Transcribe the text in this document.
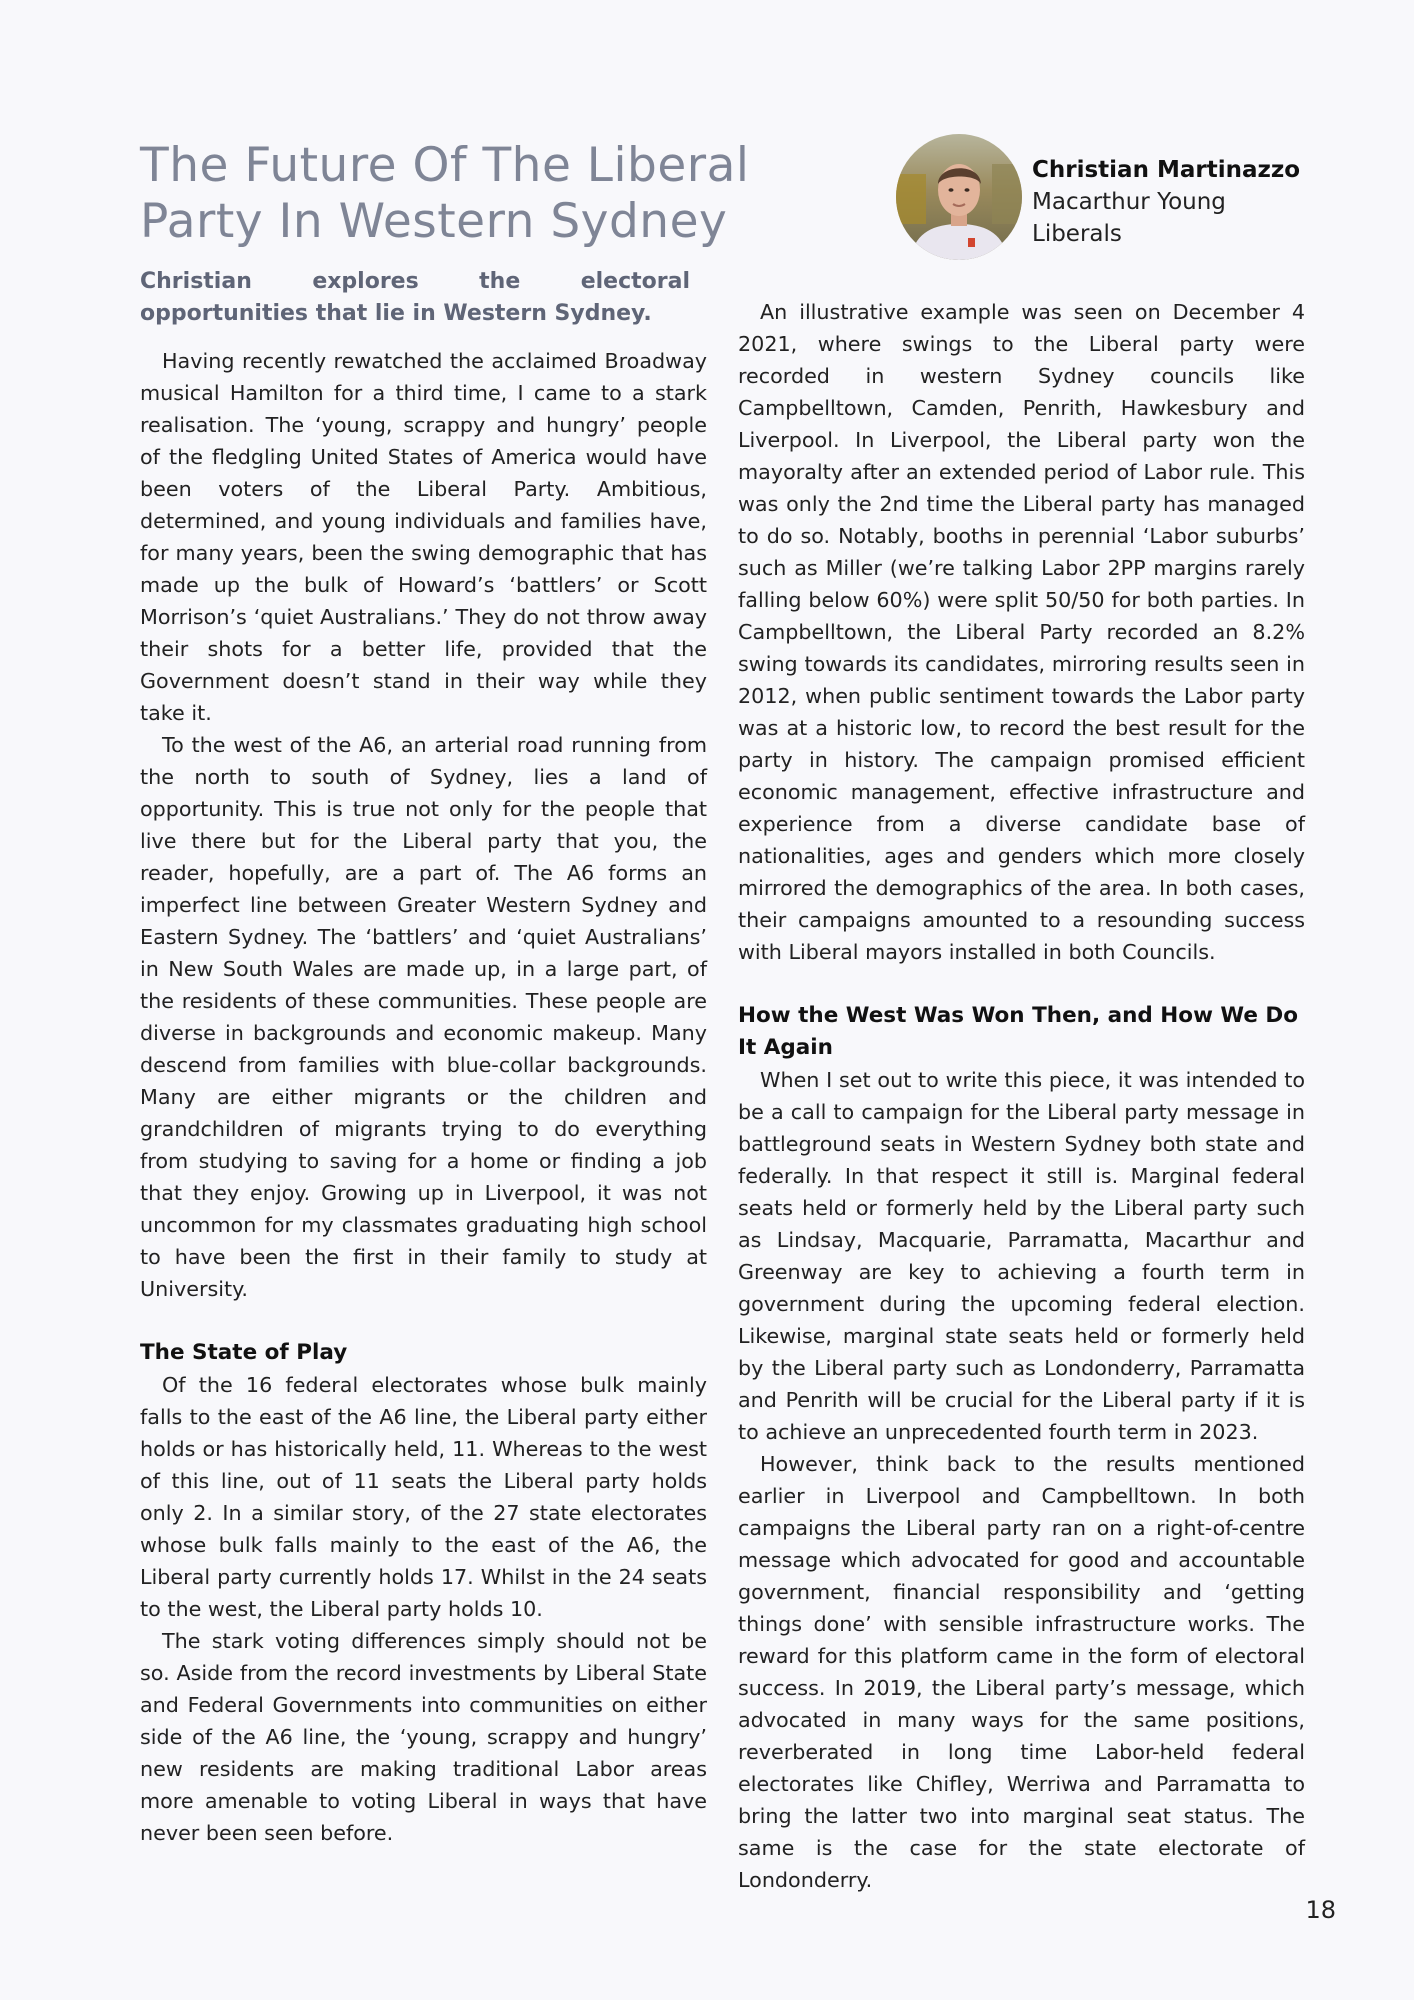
The Future Of The Liberal
Party In Western Sydney
Christian Martinazzo
Macarthur Young Liberals

Christian explores the electoral opportunities that lie in Western Sydney.

Having recently rewatched the acclaimed Broadway musical Hamilton for a third time, I came to a stark realisation. The ‘young, scrappy and hungry’ people of the fledgling United States of America would have been voters of the Liberal Party. Ambitious, determined, and young individuals and families have, for many years, been the swing demographic that has made up the bulk of Howard’s ‘battlers’ or Scott Morrison’s ‘quiet Australians.’ They do not throw away their shots for a better life, provided that the Government doesn’t stand in their way while they take it.

To the west of the A6, an arterial road running from the north to south of Sydney, lies a land of opportunity. This is true not only for the people that live there but for the Liberal party that you, the reader, hopefully, are a part of. The A6 forms an imperfect line between Greater Western Sydney and Eastern Sydney. The ‘battlers’ and ‘quiet Australians’ in New South Wales are made up, in a large part, of the residents of these communities. These people are diverse in backgrounds and economic makeup. Many descend from families with blue-collar backgrounds. Many are either migrants or the children and grandchildren of migrants trying to do everything from studying to saving for a home or finding a job that they enjoy. Growing up in Liverpool, it was not uncommon for my classmates graduating high school to have been the first in their family to study at University.

The State of Play

Of the 16 federal electorates whose bulk mainly falls to the east of the A6 line, the Liberal party either holds or has historically held, 11. Whereas to the west of this line, out of 11 seats the Liberal party holds only 2. In a similar story, of the 27 state electorates whose bulk falls mainly to the east of the A6, the Liberal party currently holds 17. Whilst in the 24 seats to the west, the Liberal party holds 10.

The stark voting differences simply should not be so. Aside from the record investments by Liberal State and Federal Governments into communities on either side of the A6 line, the ‘young, scrappy and hungry’ new residents are making traditional Labor areas more amenable to voting Liberal in ways that have never been seen before.

An illustrative example was seen on December 4 2021, where swings to the Liberal party were recorded in western Sydney councils like Campbelltown, Camden, Penrith, Hawkesbury and Liverpool. In Liverpool, the Liberal party won the mayoralty after an extended period of Labor rule. This was only the 2nd time the Liberal party has managed to do so. Notably, booths in perennial ‘Labor suburbs’ such as Miller (we’re talking Labor 2PP margins rarely falling below 60%) were split 50/50 for both parties. In Campbelltown, the Liberal Party recorded an 8.2% swing towards its candidates, mirroring results seen in 2012, when public sentiment towards the Labor party was at a historic low, to record the best result for the party in history. The campaign promised efficient economic management, effective infrastructure and experience from a diverse candidate base of nationalities, ages and genders which more closely mirrored the demographics of the area. In both cases, their campaigns amounted to a resounding success with Liberal mayors installed in both Councils.

How the West Was Won Then, and How We Do It Again

When I set out to write this piece, it was intended to be a call to campaign for the Liberal party message in battleground seats in Western Sydney both state and federally. In that respect it still is. Marginal federal seats held or formerly held by the Liberal party such as Lindsay, Macquarie, Parramatta, Macarthur and Greenway are key to achieving a fourth term in government during the upcoming federal election. Likewise, marginal state seats held or formerly held by the Liberal party such as Londonderry, Parramatta and Penrith will be crucial for the Liberal party if it is to achieve an unprecedented fourth term in 2023.

However, think back to the results mentioned earlier in Liverpool and Campbelltown. In both campaigns the Liberal party ran on a right-of-centre message which advocated for good and accountable government, financial responsibility and ‘getting things done’ with sensible infrastructure works. The reward for this platform came in the form of electoral success. In 2019, the Liberal party’s message, which advocated in many ways for the same positions, reverberated in long time Labor-held federal electorates like Chifley, Werriwa and Parramatta to bring the latter two into marginal seat status. The same is the case for the state electorate of Londonderry.

18
